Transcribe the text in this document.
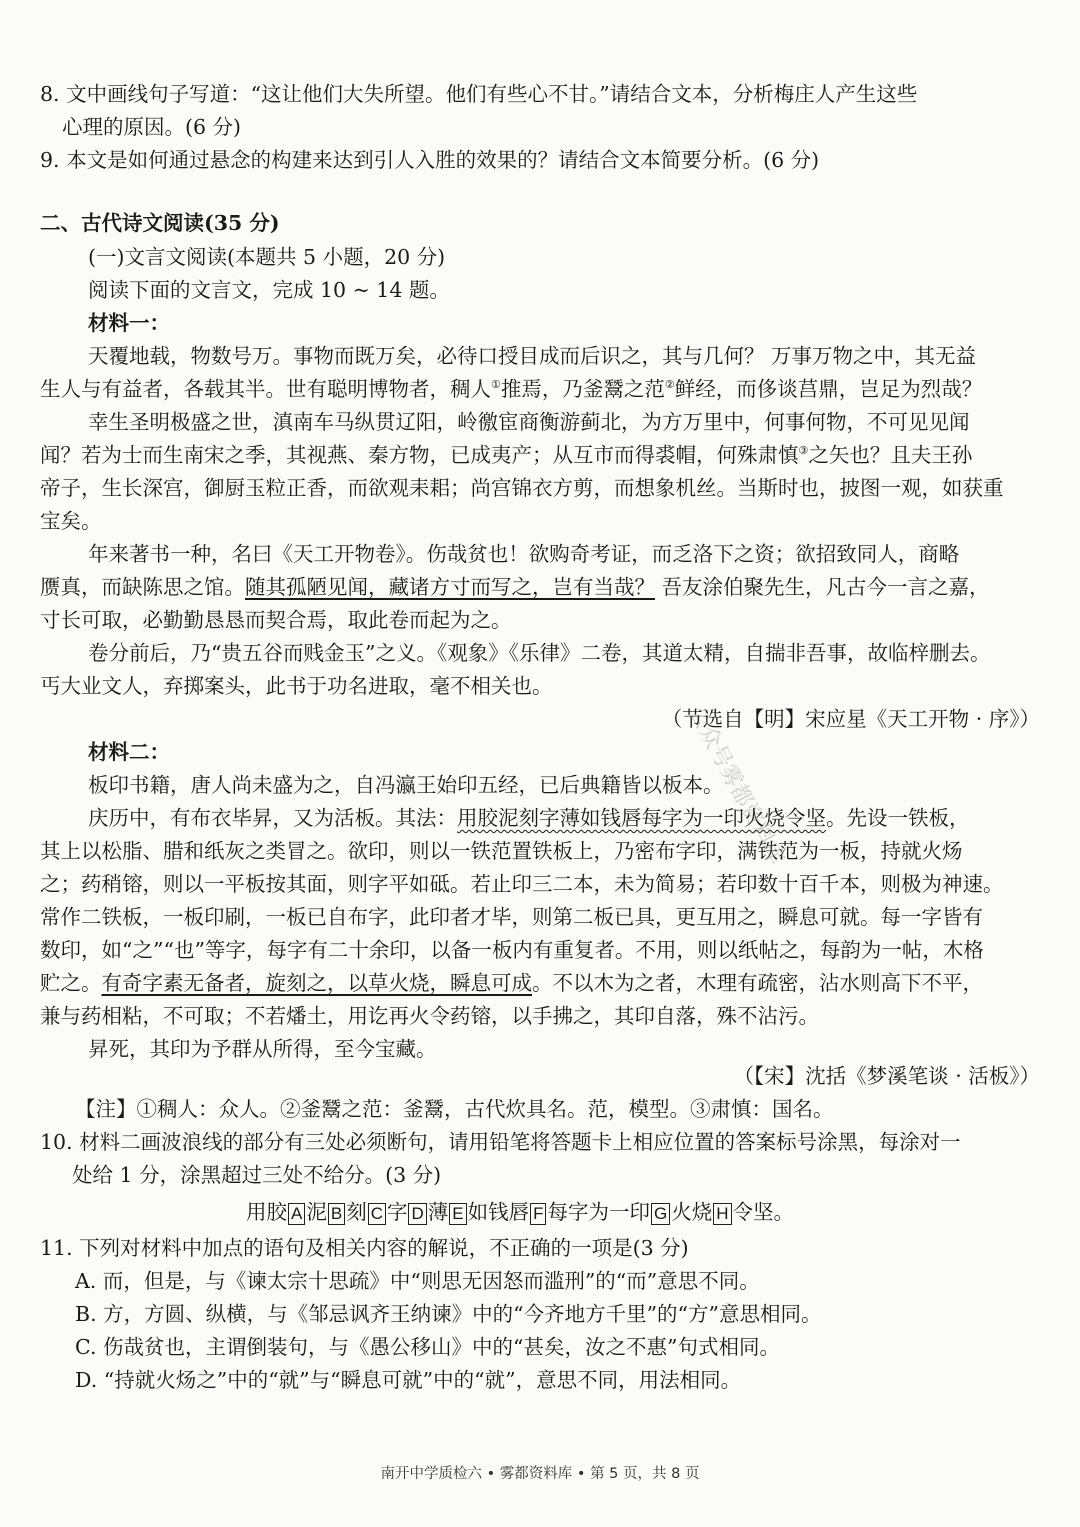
8. 文中画线句子写道：“这让他们大失所望。他们有些心不甘。”请结合文本，分析梅庄人产生这些
心理的原因。(6 分)
9. 本文是如何通过悬念的构建来达到引人入胜的效果的？请结合文本简要分析。(6 分)
二、古代诗文阅读(35 分)
(一)文言文阅读(本题共 5 小题，20 分)
阅读下面的文言文，完成 10 ~ 14 题。
材料一：
天覆地载，物数号万。事物而既万矣，必待口授目成而后识之，其与几何？ 万事万物之中，其无益
生人与有益者，各载其半。世有聪明博物者，稠人①推焉，乃釜鬵之范②鲜经，而侈谈莒鼎，岂足为烈哉？
幸生圣明极盛之世，滇南车马纵贯辽阳，岭徼宦商衡游蓟北，为方万里中，何事何物，不可见见闻
闻？若为士而生南宋之季，其视燕、秦方物，已成夷产；从互市而得裘帽，何殊肃慎③之矢也？且夫王孙
帝子，生长深宫，御厨玉粒正香，而欲观耒耜；尚宫锦衣方剪，而想象机丝。当斯时也，披图一观，如获重
宝矣。
年来著书一种，名曰《天工开物卷》。伤哉贫也！欲购奇考证，而乏洛下之资；欲招致同人，商略
赝真，而缺陈思之馆。随其孤陋见闻，藏诸方寸而写之，岂有当哉？ 吾友涂伯聚先生，凡古今一言之嘉，
寸长可取，必勤勤恳恳而契合焉，取此卷而起为之。
卷分前后，乃“贵五谷而贱金玉”之义。《观象》《乐律》二卷，其道太精，自揣非吾事，故临梓删去。
丐大业文人，弃掷案头，此书于功名进取，毫不相关也。
（节选自【明】宋应星《天工开物 · 序》）
材料二：
板印书籍，唐人尚未盛为之，自冯瀛王始印五经，已后典籍皆以板本。
庆历中，有布衣毕昇，又为活板。其法：用胶泥刻字薄如钱唇每字为一印火烧令坚。先设一铁板，
其上以松脂、腊和纸灰之类冒之。欲印，则以一铁范置铁板上，乃密布字印，满铁范为一板，持就火炀
之；药稍镕，则以一平板按其面，则字平如砥。若止印三二本，未为简易；若印数十百千本，则极为神速。
常作二铁板，一板印刷，一板已自布字，此印者才毕，则第二板已具，更互用之，瞬息可就。每一字皆有
数印，如“之”“也”等字，每字有二十余印，以备一板内有重复者。不用，则以纸帖之，每韵为一帖，木格
贮之。有奇字素无备者，旋刻之，以草火烧，瞬息可成。不以木为之者，木理有疏密，沾水则高下不平，
兼与药相粘，不可取；不若燔土，用讫再火令药镕，以手拂之，其印自落，殊不沾污。
昇死，其印为予群从所得，至今宝藏。
（【宋】沈括《梦溪笔谈 · 活板》）
【注】①稠人：众人。②釜鬵之范：釜鬵，古代炊具名。范，模型。③肃慎：国名。
10. 材料二画波浪线的部分有三处必须断句，请用铅笔将答题卡上相应位置的答案标号涂黑，每涂对一
处给 1 分，涂黑超过三处不给分。(3 分)
用胶 A 泥 B 刻 C 字 D 薄 E 如钱唇 F 每字为一印 G 火烧 H 令坚。
11. 下列对材料中加点的语句及相关内容的解说，不正确的一项是(3 分)
A. 而，但是，与《谏太宗十思疏》中“则思无因怒而滥刑”的“而”意思不同。
B. 方，方圆、纵横，与《邹忌讽齐王纳谏》中的“今齐地方千里”的“方”意思相同。
C. 伤哉贫也，主谓倒装句，与《愚公移山》中的“甚矣，汝之不惠”句式相同。
D. “持就火炀之”中的“就”与“瞬息可就”中的“就”，意思不同，用法相同。
公众号雾都资料库
南开中学质检六 • 雾都资料库 • 第 5 页，共 8 页
